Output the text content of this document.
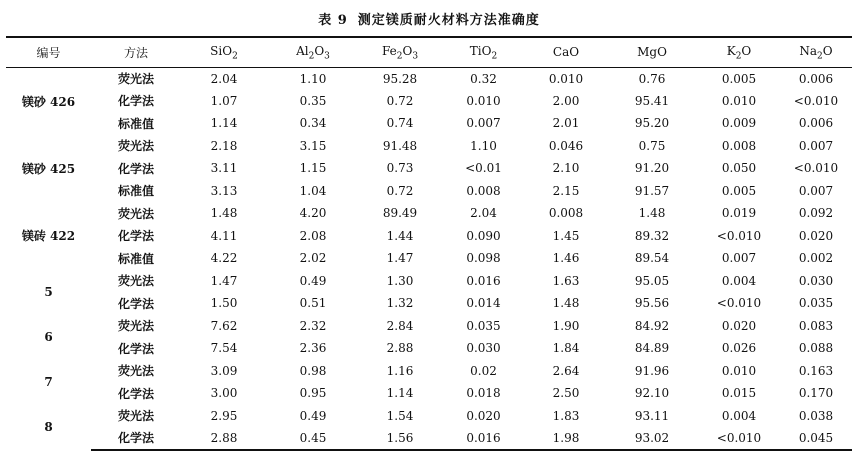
表 9 测定镁质耐火材料方法准确度
编号	方法	SiO$_2$	$Al_2O_3$	$Fe_2O_3$	TiO$_2$	CaO	MgO	$K_2O$	$Na_2O$
镁砂 426	荧光法	2.04	1.10	95.28	0.32	0.010	0.76	0.005	0.006
	化学法	1.07	0.35	0.72	0.010	2.00	95.41	0.010	<0.010
	标准值	1.14	0.34	0.74	0.007	2.01	95.20	0.009	0.006
镁砂 425	荧光法	2.18	3.15	91.48	1.10	0.046	0.75	0.008	0.007
	化学法	3.11	1.15	0.73	<0.01	2.10	91.20	0.050	<0.010
	标准值	3.13	1.04	0.72	0.008	2.15	91.57	0.005	0.007
镁砖 422	荧光法	1.48	4.20	89.49	2.04	0.008	1.48	0.019	0.092
	化学法	4.11	2.08	1.44	0.090	1.45	89.32	<0.010	0.020
	标准值	4.22	2.02	1.47	0.098	1.46	89.54	0.007	0.002
5	荧光法	1.47	0.49	1.30	0.016	1.63	95.05	0.004	0.030
	化学法	1.50	0.51	1.32	0.014	1.48	95.56	<0.010	0.035
6	荧光法	7.62	2.32	2.84	0.035	1.90	84.92	0.020	0.083
	化学法	7.54	2.36	2.88	0.030	1.84	84.89	0.026	0.088
7	荧光法	3.09	0.98	1.16	0.02	2.64	91.96	0.010	0.163
	化学法	3.00	0.95	1.14	0.018	2.50	92.10	0.015	0.170
8	荧光法	2.95	0.49	1.54	0.020	1.83	93.11	0.004	0.038
	化学法	2.88	0.45	1.56	0.016	1.98	93.02	<0.010	0.045
